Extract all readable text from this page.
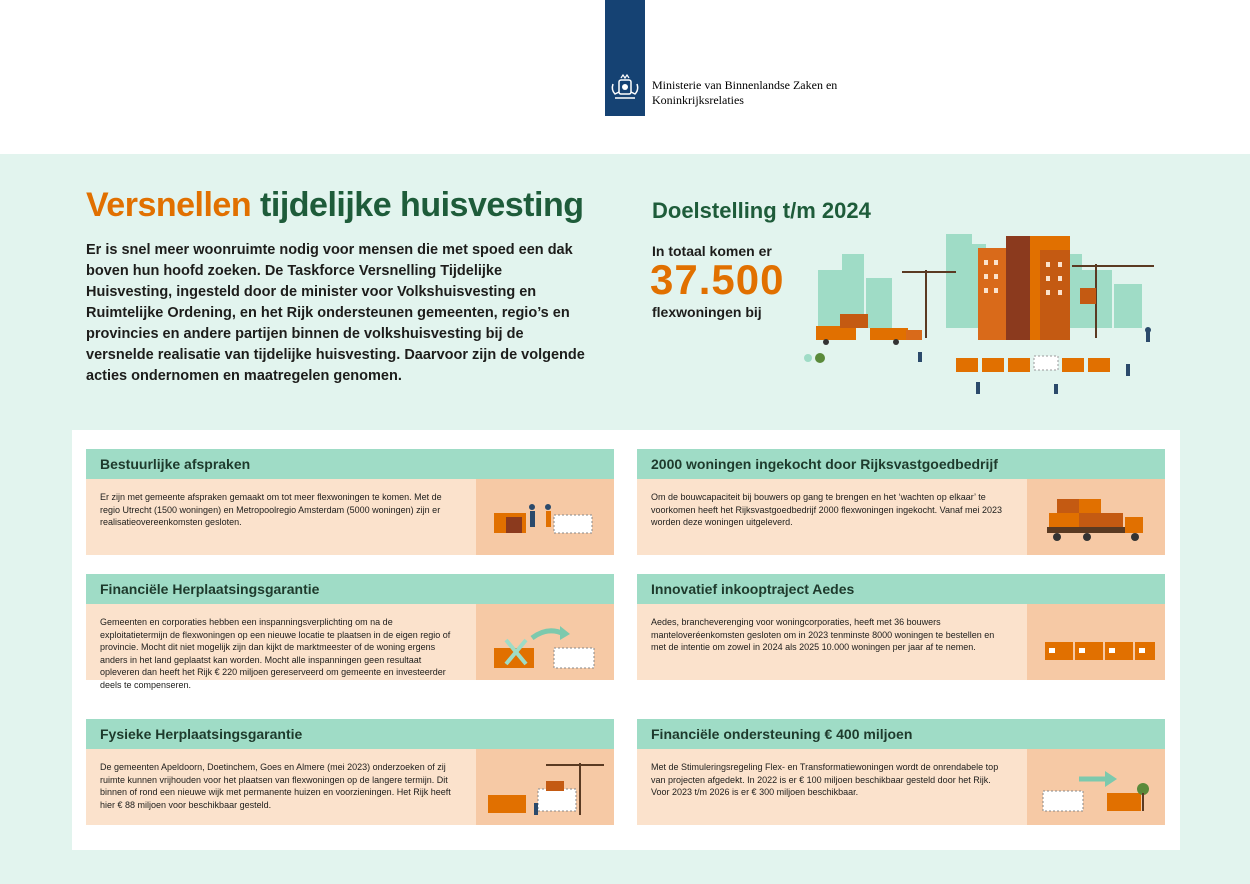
Ministerie van Binnenlandse Zaken en
Koninkrijksrelaties
Versnellen tijdelijke huisvesting
Er is snel meer woonruimte nodig voor mensen die met spoed een dak boven hun hoofd zoeken. De Taskforce Versnelling Tijdelijke Huisvesting, ingesteld door de minister voor Volkshuisvesting en Ruimtelijke Ordening, en het Rijk ondersteunen gemeenten, regio’s en provincies en andere partijen binnen de volkshuisvesting bij de versnelde realisatie van tijdelijke huisvesting. Daarvoor zijn de volgende acties ondernomen en maatregelen genomen.
Doelstelling t/m 2024
In totaal komen er
37.500
flexwoningen bij
Bestuurlijke afspraken

Er zijn met gemeente afspraken gemaakt om tot meer flexwoningen te komen. Met de regio Utrecht (1500 woningen) en Metropoolregio Amsterdam (5000 woningen) zijn er realisatieovereenkomsten gesloten.

2000 woningen ingekocht door Rijksvastgoedbedrijf

Om de bouwcapaciteit bij bouwers op gang te brengen en het ‘wachten op elkaar’ te voorkomen heeft het Rijksvastgoedbedrijf 2000 flexwoningen ingekocht. Vanaf mei 2023 worden deze woningen uitgeleverd.

Financiële Herplaatsingsgarantie

Gemeenten en corporaties hebben een inspanningsverplichting om na de exploitatietermijn de flexwoningen op een nieuwe locatie te plaatsen in de eigen regio of provincie. Mocht dit niet mogelijk zijn dan kijkt de marktmeester of de woning ergens anders in het land geplaatst kan worden. Mocht alle inspanningen geen resultaat opleveren dan heeft het Rijk € 220 miljoen gereserveerd om gemeente en investeerder deels te compenseren.

Innovatief inkooptraject Aedes

Aedes, brancheverenging voor woningcorporaties, heeft met 36 bouwers manteloveréenkomsten gesloten om in 2023 tenminste 8000 woningen te bestellen en met de intentie om zowel in 2024 als 2025 10.000 woningen per jaar af te nemen.

Fysieke Herplaatsingsgarantie

De gemeenten Apeldoorn, Doetinchem, Goes en Almere (mei 2023) onderzoeken of zij ruimte kunnen vrijhouden voor het plaatsen van flexwoningen op de langere termijn. Dit binnen of rond een nieuwe wijk met permanente huizen en voorzieningen. Het Rijk heeft hier € 88 miljoen voor beschikbaar gesteld.

Financiële ondersteuning € 400 miljoen

Met de Stimuleringsregeling Flex- en Transformatiewoningen wordt de onrendabele top van projecten afgedekt. In 2022 is er € 100 miljoen beschikbaar gesteld door het Rijk. Voor 2023 t/m 2026 is er € 300 miljoen beschikbaar.
